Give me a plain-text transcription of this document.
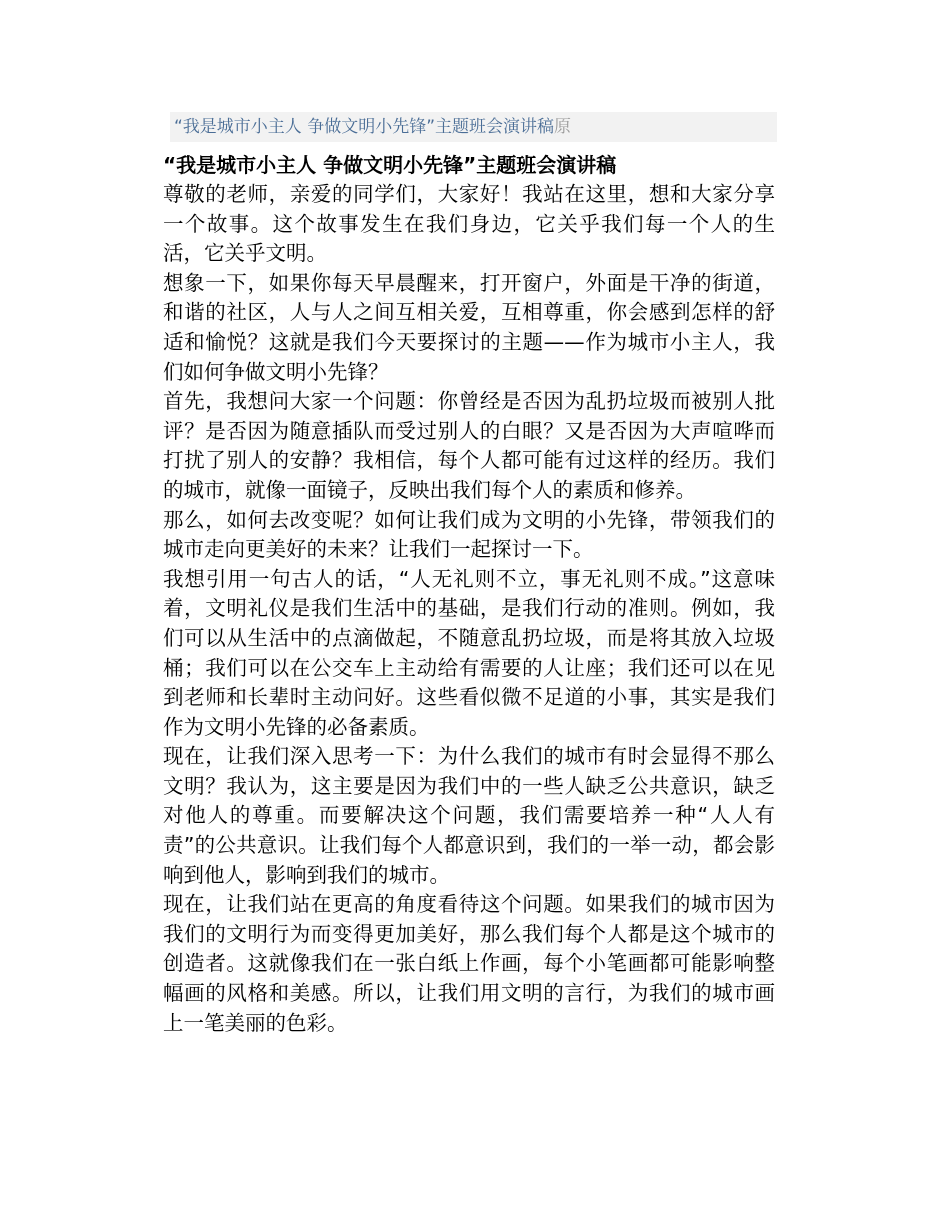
“我是城市小主人 争做文明小先锋”主题班会演讲稿原
“我是城市小主人 争做文明小先锋”主题班会演讲稿

尊敬的老师，亲爱的同学们，大家好！我站在这里，想和大家分享一个故事。这个故事发生在我们身边，它关乎我们每一个人的生活，它关乎文明。

想象一下，如果你每天早晨醒来，打开窗户，外面是干净的街道，和谐的社区，人与人之间互相关爱，互相尊重，你会感到怎样的舒适和愉悦？这就是我们今天要探讨的主题——作为城市小主人，我们如何争做文明小先锋？

首先，我想问大家一个问题：你曾经是否因为乱扔垃圾而被别人批评？是否因为随意插队而受过别人的白眼？又是否因为大声喧哗而打扰了别人的安静？我相信，每个人都可能有过这样的经历。我们的城市，就像一面镜子，反映出我们每个人的素质和修养。

那么，如何去改变呢？如何让我们成为文明的小先锋，带领我们的城市走向更美好的未来？让我们一起探讨一下。

我想引用一句古人的话，“人无礼则不立，事无礼则不成。”这意味着，文明礼仪是我们生活中的基础，是我们行动的准则。例如，我们可以从生活中的点滴做起，不随意乱扔垃圾，而是将其放入垃圾桶；我们可以在公交车上主动给有需要的人让座；我们还可以在见到老师和长辈时主动问好。这些看似微不足道的小事，其实是我们作为文明小先锋的必备素质。

现在，让我们深入思考一下：为什么我们的城市有时会显得不那么文明？我认为，这主要是因为我们中的一些人缺乏公共意识，缺乏对他人的尊重。而要解决这个问题，我们需要培养一种“人人有责”的公共意识。让我们每个人都意识到，我们的一举一动，都会影响到他人，影响到我们的城市。

现在，让我们站在更高的角度看待这个问题。如果我们的城市因为我们的文明行为而变得更加美好，那么我们每个人都是这个城市的创造者。这就像我们在一张白纸上作画，每个小笔画都可能影响整幅画的风格和美感。所以，让我们用文明的言行，为我们的城市画上一笔美丽的色彩。
